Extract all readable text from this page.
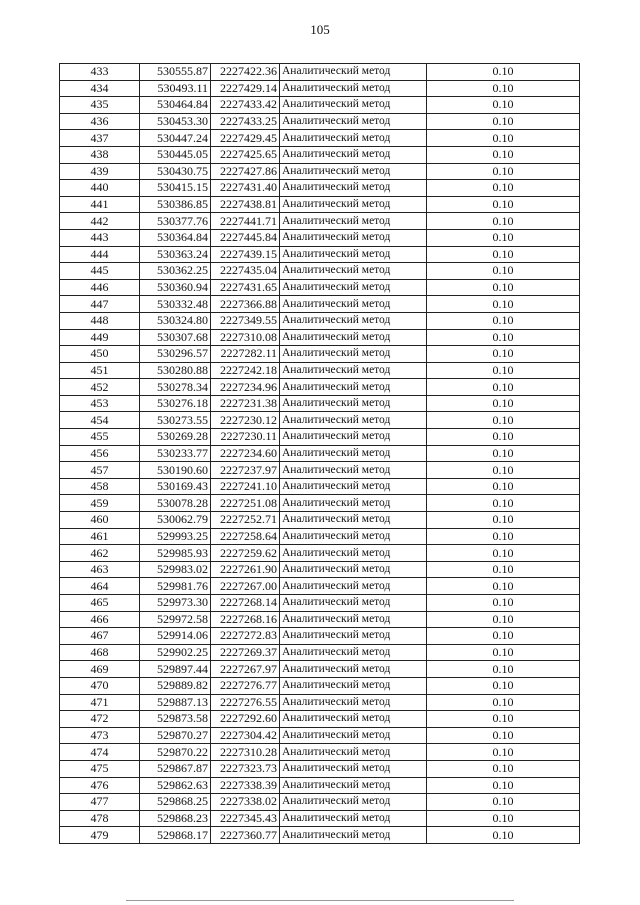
105
433	530555.87	2227422.36	Аналитический метод	0.10
434	530493.11	2227429.14	Аналитический метод	0.10
435	530464.84	2227433.42	Аналитический метод	0.10
436	530453.30	2227433.25	Аналитический метод	0.10
437	530447.24	2227429.45	Аналитический метод	0.10
438	530445.05	2227425.65	Аналитический метод	0.10
439	530430.75	2227427.86	Аналитический метод	0.10
440	530415.15	2227431.40	Аналитический метод	0.10
441	530386.85	2227438.81	Аналитический метод	0.10
442	530377.76	2227441.71	Аналитический метод	0.10
443	530364.84	2227445.84	Аналитический метод	0.10
444	530363.24	2227439.15	Аналитический метод	0.10
445	530362.25	2227435.04	Аналитический метод	0.10
446	530360.94	2227431.65	Аналитический метод	0.10
447	530332.48	2227366.88	Аналитический метод	0.10
448	530324.80	2227349.55	Аналитический метод	0.10
449	530307.68	2227310.08	Аналитический метод	0.10
450	530296.57	2227282.11	Аналитический метод	0.10
451	530280.88	2227242.18	Аналитический метод	0.10
452	530278.34	2227234.96	Аналитический метод	0.10
453	530276.18	2227231.38	Аналитический метод	0.10
454	530273.55	2227230.12	Аналитический метод	0.10
455	530269.28	2227230.11	Аналитический метод	0.10
456	530233.77	2227234.60	Аналитический метод	0.10
457	530190.60	2227237.97	Аналитический метод	0.10
458	530169.43	2227241.10	Аналитический метод	0.10
459	530078.28	2227251.08	Аналитический метод	0.10
460	530062.79	2227252.71	Аналитический метод	0.10
461	529993.25	2227258.64	Аналитический метод	0.10
462	529985.93	2227259.62	Аналитический метод	0.10
463	529983.02	2227261.90	Аналитический метод	0.10
464	529981.76	2227267.00	Аналитический метод	0.10
465	529973.30	2227268.14	Аналитический метод	0.10
466	529972.58	2227268.16	Аналитический метод	0.10
467	529914.06	2227272.83	Аналитический метод	0.10
468	529902.25	2227269.37	Аналитический метод	0.10
469	529897.44	2227267.97	Аналитический метод	0.10
470	529889.82	2227276.77	Аналитический метод	0.10
471	529887.13	2227276.55	Аналитический метод	0.10
472	529873.58	2227292.60	Аналитический метод	0.10
473	529870.27	2227304.42	Аналитический метод	0.10
474	529870.22	2227310.28	Аналитический метод	0.10
475	529867.87	2227323.73	Аналитический метод	0.10
476	529862.63	2227338.39	Аналитический метод	0.10
477	529868.25	2227338.02	Аналитический метод	0.10
478	529868.23	2227345.43	Аналитический метод	0.10
479	529868.17	2227360.77	Аналитический метод	0.10
